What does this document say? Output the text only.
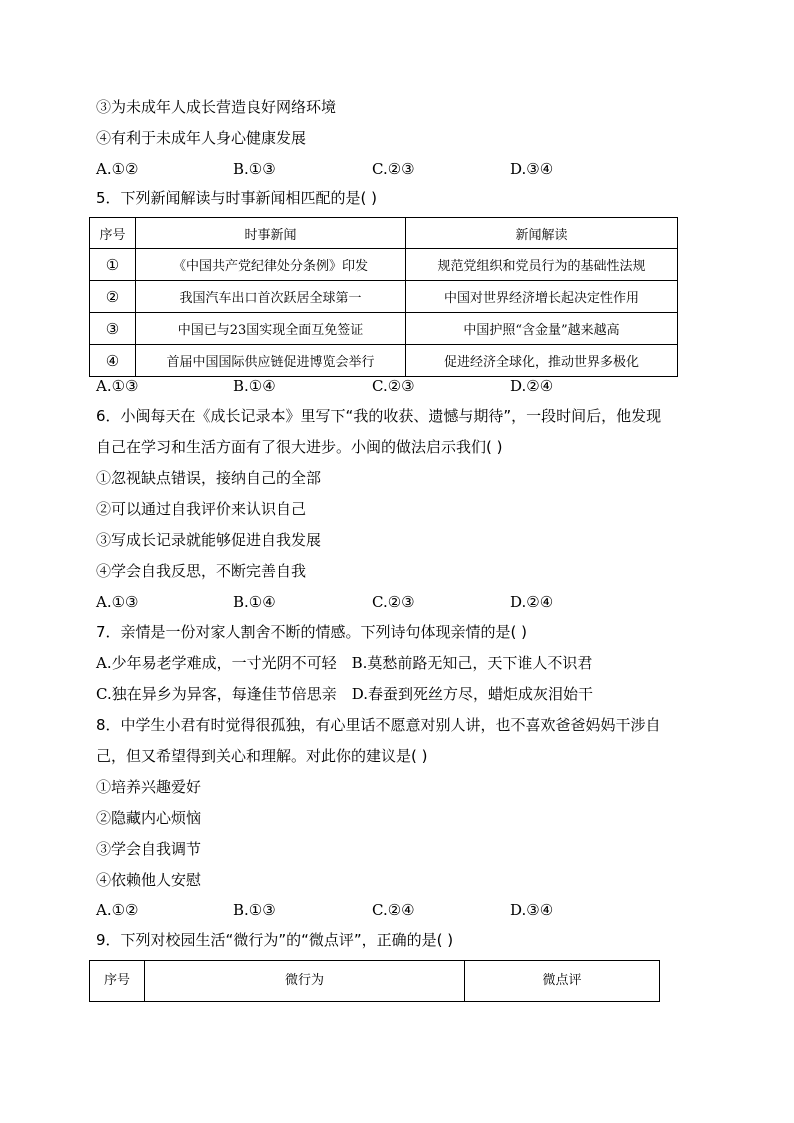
③为未成年人成长营造良好网络环境
④有利于未成年人身心健康发展
A.①②	B.①③	C.②③	D.③④
5．下列新闻解读与时事新闻相匹配的是( )
序号	时事新闻	新闻解读
①	《中国共产党纪律处分条例》印发	规范党组织和党员行为的基础性法规
②	我国汽车出口首次跃居全球第一	中国对世界经济增长起决定性作用
③	中国已与23国实现全面互免签证	中国护照“含金量”越来越高
④	首届中国国际供应链促进博览会举行	促进经济全球化，推动世界多极化
A.①③	B.①④	C.②③	D.②④
6．小闽每天在《成长记录本》里写下“我的收获、遗憾与期待”，一段时间后，他发现
自己在学习和生活方面有了很大进步。小闽的做法启示我们( )
①忽视缺点错误，接纳自己的全部
②可以通过自我评价来认识自己
③写成长记录就能够促进自我发展
④学会自我反思，不断完善自我
A.①③	B.①④	C.②③	D.②④
7．亲情是一份对家人割舍不断的情感。下列诗句体现亲情的是( )
A.少年易老学难成，一寸光阴不可轻　B.莫愁前路无知己，天下谁人不识君
C.独在异乡为异客，每逢佳节倍思亲　D.春蚕到死丝方尽，蜡炬成灰泪始干
8．中学生小君有时觉得很孤独，有心里话不愿意对别人讲，也不喜欢爸爸妈妈干涉自
己，但又希望得到关心和理解。对此你的建议是( )
①培养兴趣爱好
②隐藏内心烦恼
③学会自我调节
④依赖他人安慰
A.①②	B.①③	C.②④	D.③④
9．下列对校园生活“微行为”的“微点评”，正确的是( )
序号	微行为	微点评
